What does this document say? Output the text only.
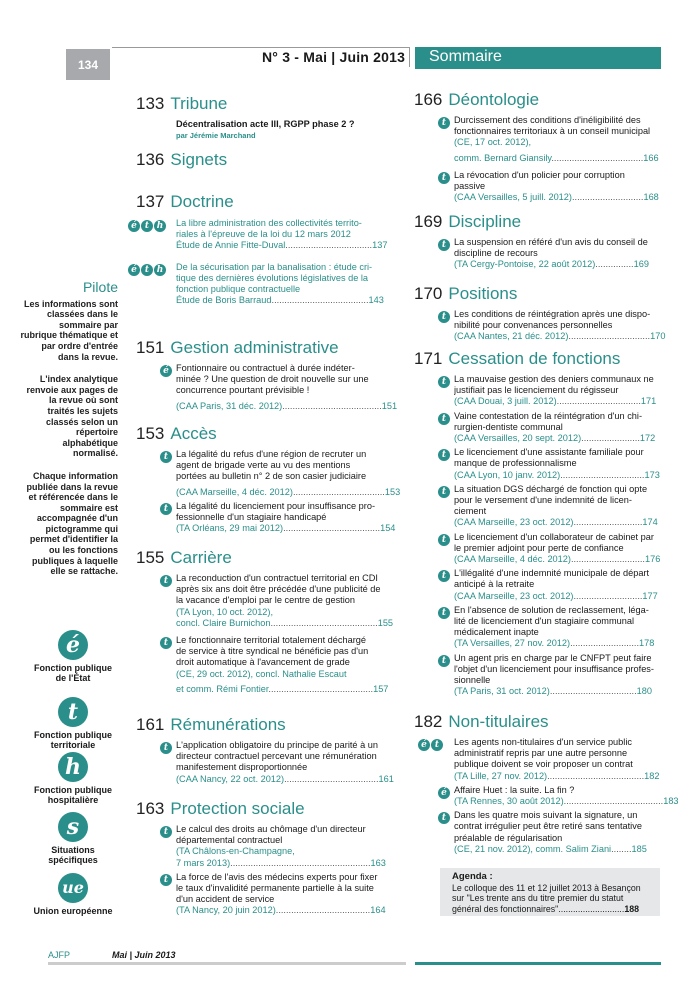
134	N° 3 - Mai | Juin 2013	Sommaire
Pilote

Les informations sont classées dans le sommaire par rubrique thématique et par ordre d'entrée dans la revue.

L'index analytique renvoie aux pages de la revue où sont traités les sujets classés selon un répertoire alphabétique normalisé.

Chaque information publiée dans la revue et référencée dans le sommaire est accompagnée d'un pictogramme qui permet d'identifier la ou les fonctions publiques à laquelle elle se rattache.

é
Fonction publique de l'État
t
Fonction publique territoriale
h
Fonction publique hospitalière
s
Situations spécifiques
ue
Union européenne
133 Tribune
Décentralisation acte III, RGPP phase 2 ?
par Jérémie Marchand
136 Signets
137 Doctrine
é t h La libre administration des collectivités territo-
riales à l'épreuve de la loi du 12 mars 2012
Étude de Annie Fitte-Duval..................................137
é t h De la sécurisation par la banalisation : étude cri-
tique des dernières évolutions législatives de la
fonction publique contractuelle
Étude de Boris Barraud......................................143
151 Gestion administrative
é Fontionnaire ou contractuel à durée indéter-
minée ? Une question de droit nouvelle sur une
concurrence pourtant prévisible !
(CAA Paris, 31 déc. 2012).......................................151
153 Accès
t La légalité du refus d'une région de recruter un
agent de brigade verte au vu des mentions
portées au bulletin n° 2 de son casier judiciaire
(CAA Marseille, 4 déc. 2012)....................................153
t La légalité du licenciement pour insuffisance pro-
fessionnelle d'un stagiaire handicapé
(TA Orléans, 29 mai 2012)......................................154
155 Carrière
t La reconduction d'un contractuel territorial en CDI
après six ans doit être précédée d'une publicité de
la vacance d'emploi par le centre de gestion
(TA Lyon, 10 oct. 2012),
concl. Claire Burnichon..........................................155
t Le fonctionnaire territorial totalement déchargé
de service à titre syndical ne bénéficie pas d'un
droit automatique à l'avancement de grade
(CE, 29 oct. 2012), concl. Nathalie Escaut
et comm. Rémi Fontier.........................................157
161 Rémunérations
t L'application obligatoire du principe de parité à un
directeur contractuel percevant une rémunération
manifestement disproportionnée
(CAA Nancy, 22 oct. 2012).....................................161
163 Protection sociale
t Le calcul des droits au chômage d'un directeur
départemental contractuel
(TA Châlons-en-Champagne,
7 mars 2013).......................................................163
t La force de l'avis des médecins experts pour fixer
le taux d'invalidité permanente partielle à la suite
d'un accident de service
(TA Nancy, 20 juin 2012).....................................164
166 Déontologie
t Durcissement des conditions d'inéligibilité des
fonctionnaires territoriaux à un conseil municipal
(CE, 17 oct. 2012),
comm. Bernard Giansily....................................166
t La révocation d'un policier pour corruption
passive
(CAA Versailles, 5 juill. 2012)............................168
169 Discipline
t La suspension en référé d'un avis du conseil de
discipline de recours
(TA Cergy-Pontoise, 22 août 2012)...............169
170 Positions
t Les conditions de réintégration après une dispo-
nibilité pour convenances personnelles
(CAA Nantes, 21 déc. 2012)................................170
171 Cessation de fonctions
t La mauvaise gestion des deniers communaux ne
justifiait pas le licenciement du régisseur
(CAA Douai, 3 juill. 2012).................................171
t Vaine contestation de la réintégration d'un chi-
rurgien-dentiste communal
(CAA Versailles, 20 sept. 2012).......................172
t Le licenciement d'une assistante familiale pour
manque de professionnalisme
(CAA Lyon, 10 janv. 2012).................................173
t La situation DGS déchargé de fonction qui opte
pour le versement d'une indemnité de licen-
ciement
(CAA Marseille, 23 oct. 2012)...........................174
t Le licenciement d'un collaborateur de cabinet par
le premier adjoint pour perte de confiance
(CAA Marseille, 4 déc. 2012).............................176
t L'illégalité d'une indemnité municipale de départ
anticipé à la retraite
(CAA Marseille, 23 oct. 2012)...........................177
t En l'absence de solution de reclassement, léga-
lité de licenciement d'un stagiaire communal
médicalement inapte
(TA Versailles, 27 nov. 2012)...........................178
t Un agent pris en charge par le CNFPT peut faire
l'objet d'un licenciement pour insuffisance profes-
sionnelle
(TA Paris, 31 oct. 2012)..................................180
182 Non-titulaires
é t	Les agents non-titulaires d'un service public
administratif repris par une autre personne
publique doivent se voir proposer un contrat
(TA Lille, 27 nov. 2012)......................................182
é Affaire Huet : la suite. La fin ?
(TA Rennes, 30 août 2012).......................................183
t Dans les quatre mois suivant la signature, un
contrat irrégulier peut être retiré sans tentative
préalable de régularisation
(CE, 21 nov. 2012), comm. Salim Ziani........185
Agenda :
Le colloque des 11 et 12 juillet 2013 à Besançon
sur "Les trente ans du titre premier du statut
général des fonctionnaires"...........................188
AJFP	Mai | Juin 2013
